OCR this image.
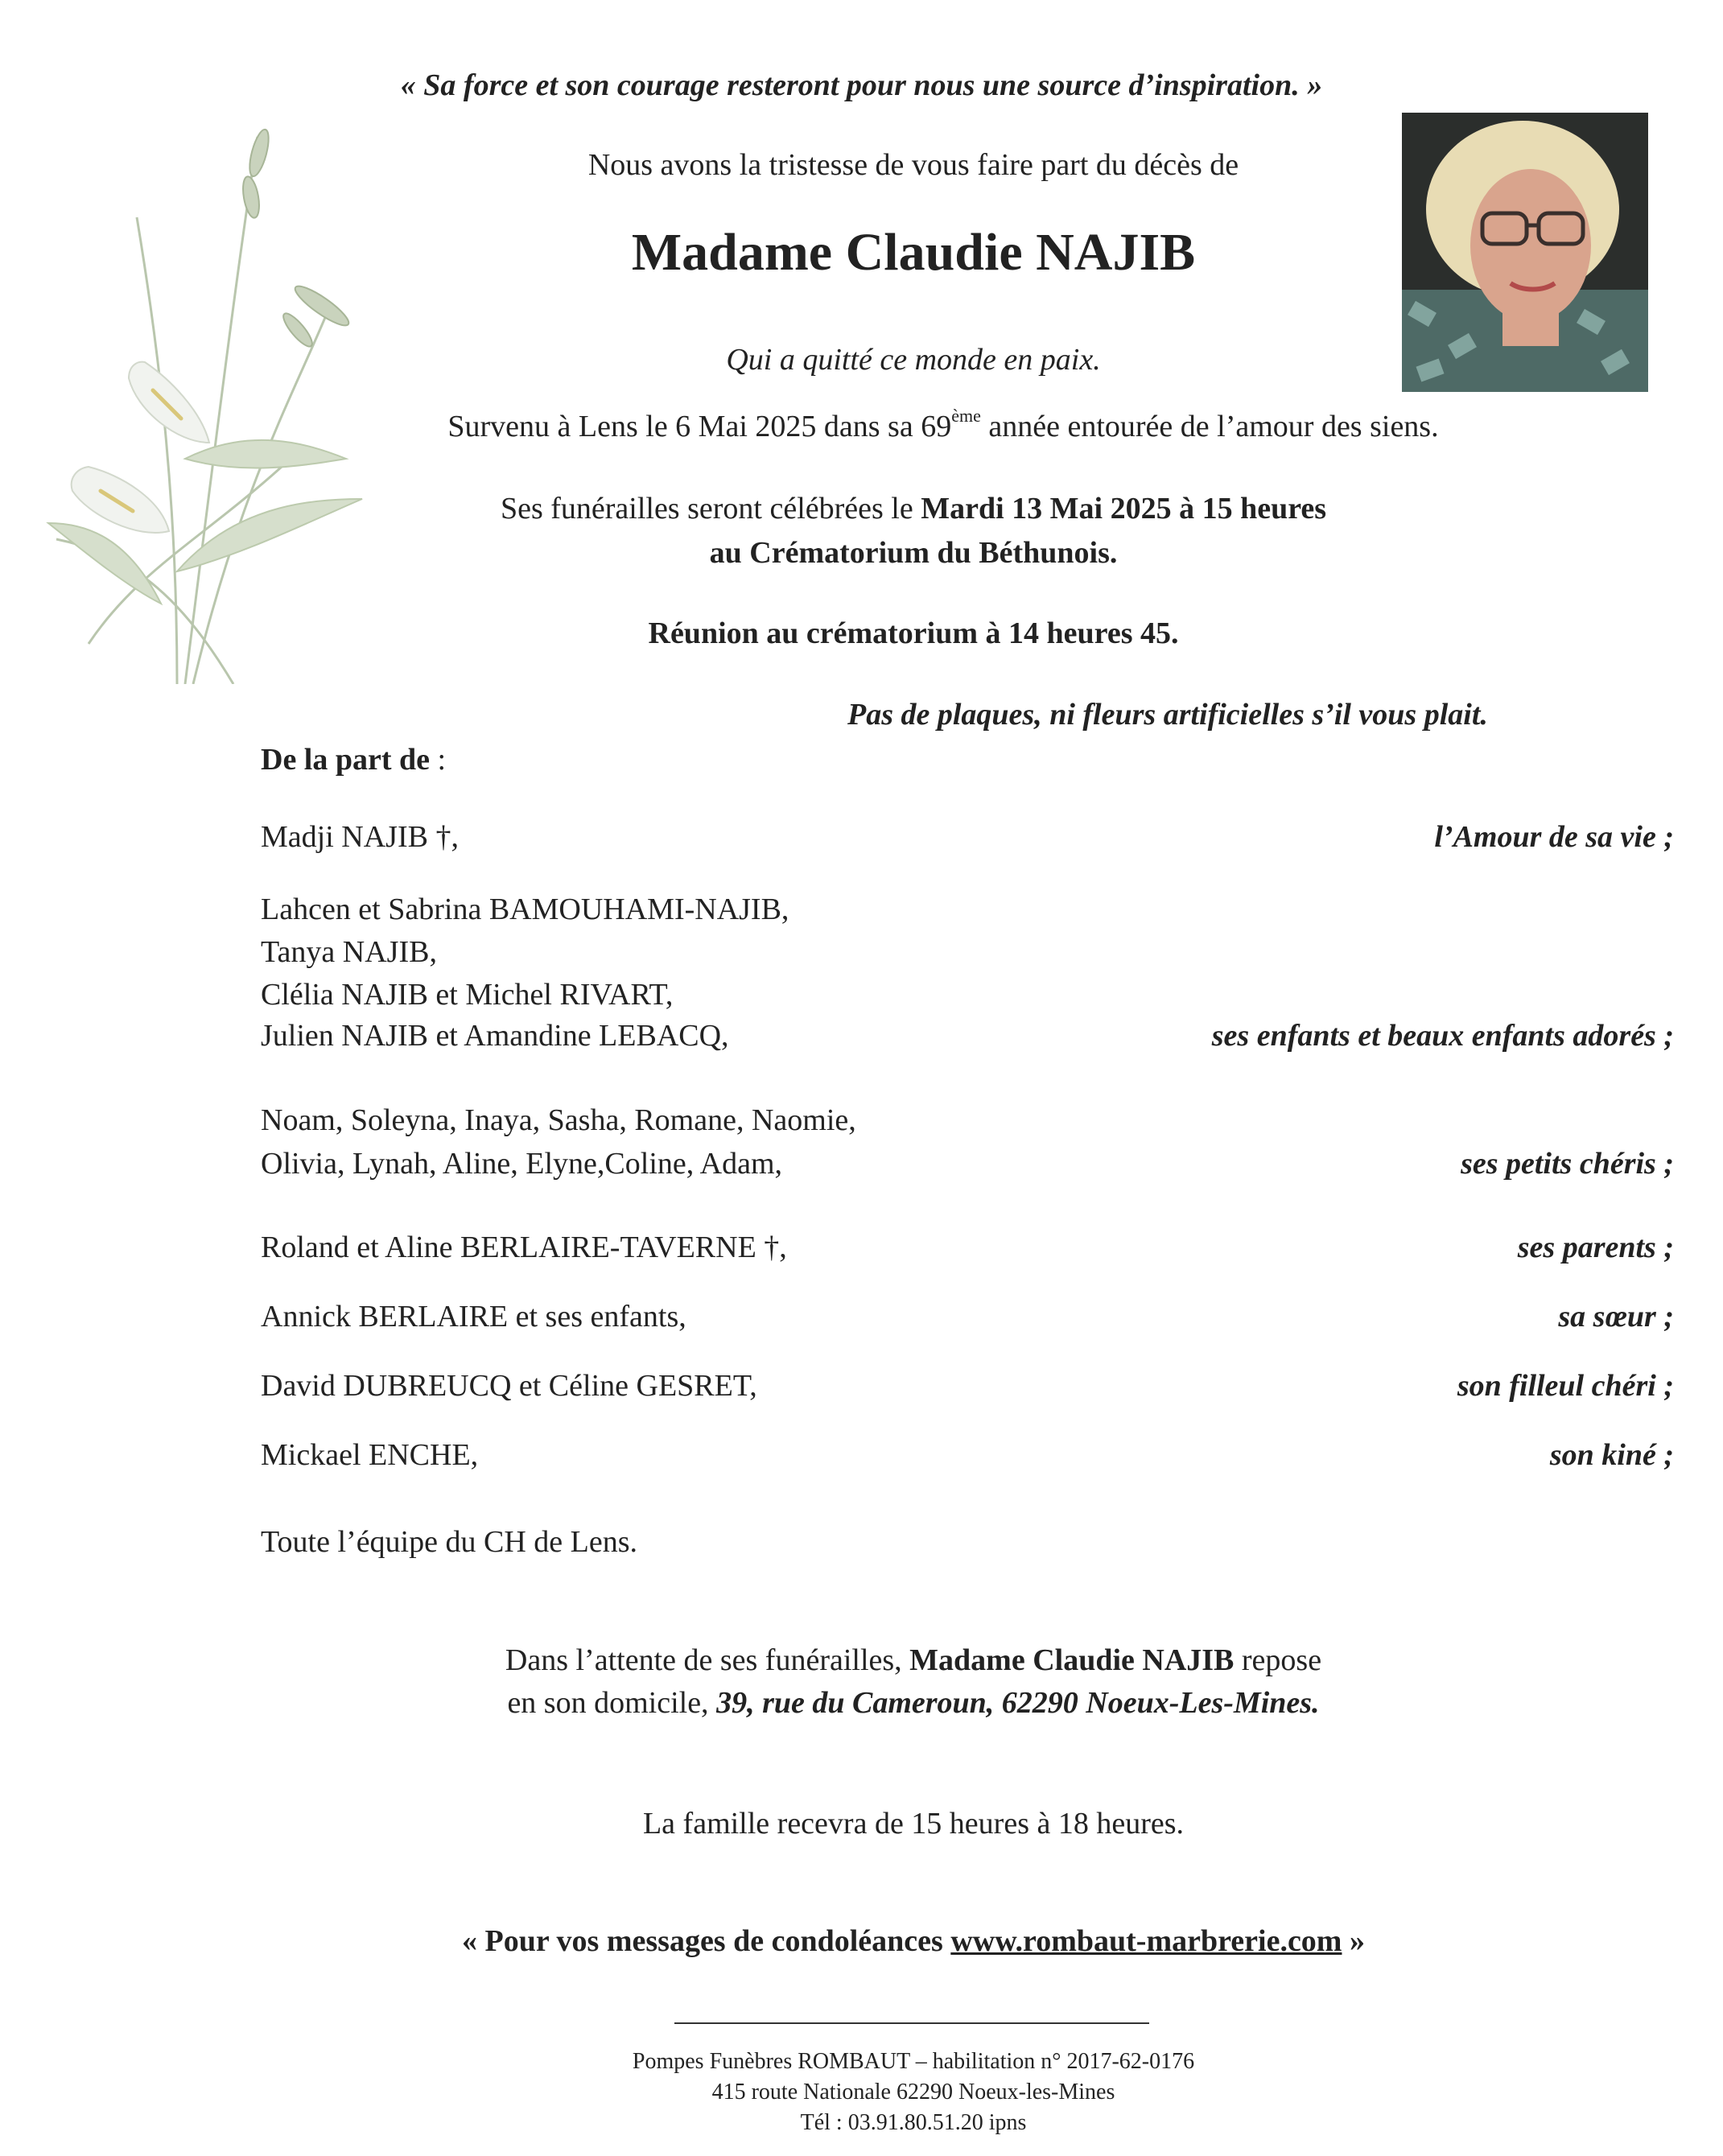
« Sa force et son courage resteront pour nous une source d’inspiration. »
Nous avons la tristesse de vous faire part du décès de
Madame Claudie NAJIB
Qui a quitté ce monde en paix.
Survenu à Lens le 6 Mai 2025 dans sa 69ème année entourée de l’amour des siens.
Ses funérailles seront célébrées le Mardi 13 Mai 2025 à 15 heures
au Crématorium du Béthunois.
Réunion au crématorium à 14 heures 45.
Pas de plaques, ni fleurs artificielles s’il vous plait.
De la part de :
Madji NAJIB †,	l’Amour de sa vie ;
Lahcen et Sabrina BAMOUHAMI-NAJIB,
Tanya NAJIB,
Clélia NAJIB et Michel RIVART,
Julien NAJIB et Amandine LEBACQ,	ses enfants et beaux enfants adorés ;
Noam, Soleyna, Inaya, Sasha, Romane, Naomie,
Olivia, Lynah, Aline, Elyne,Coline, Adam,	ses petits chéris ;
Roland et Aline BERLAIRE-TAVERNE †,	ses parents ;
Annick BERLAIRE et ses enfants,	sa sœur ;
David DUBREUCQ et Céline GESRET,	son filleul chéri ;
Mickael ENCHE,	son kiné ;
Toute l’équipe du CH de Lens.
Dans l’attente de ses funérailles, Madame Claudie NAJIB repose
en son domicile, 39, rue du Cameroun, 62290 Noeux-Les-Mines.
La famille recevra de 15 heures à 18 heures.
« Pour vos messages de condoléances www.rombaut-marbrerie.com »
Pompes Funèbres ROMBAUT – habilitation n° 2017-62-0176
415 route Nationale 62290 Noeux-les-Mines
Tél : 03.91.80.51.20 ipns
